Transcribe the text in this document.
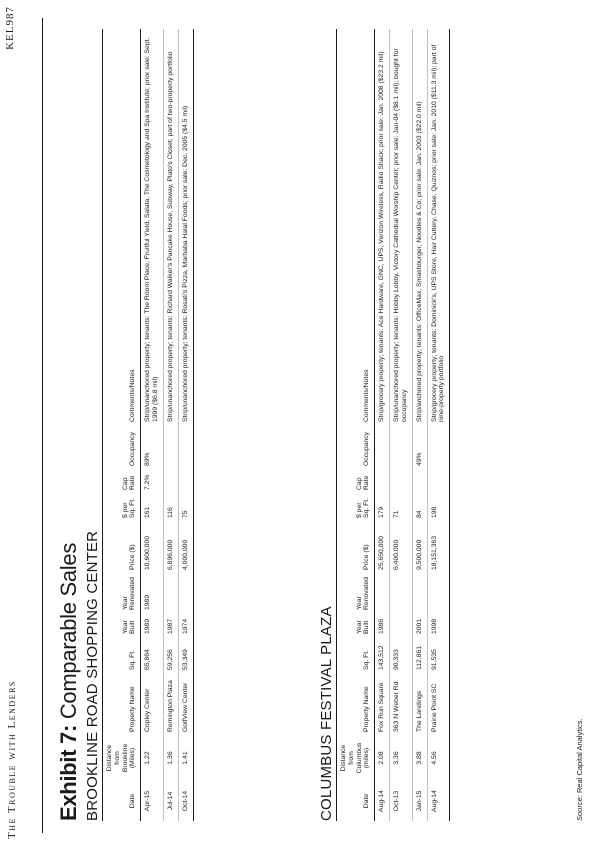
The Trouble with Lenders
KEL987
Exhibit 7: Comparable Sales BROOKLINE ROAD SHOPPING CENTER	Date	Distance from Brookline (Miles)	Property Name	Sq. Ft.	Year Built	Year Renovated	Price ($)	$ per Sq. Ft.	Cap Rate	Occupancy	Comments/Notes
Apr-15	1.22	Copley Center	65,864	1989	1989	10,600,000	161	7.2%	89%	Strip/unanchored property; tenants: The Room Place, Fruitful Yield, Salata, The Cosmetology and Spa Institute; prior sale: Sept. 1999 ($6.8 mil)
Jul-14	1.36	Remington Plaza	59,256	1987		6,896,000	116			Strip/unanchored property; tenants: Richard Walker's Pancake House, Subway, Plato's Closet; part of two-property portfolio
Oct-14	1.41	GolfView Center	53,349	1974		4,000,000	75			Strip/unanchored property; tenants: Rosati's Pizza, Marhaba Halal Foods; prior sale: Dec. 2005 ($4.5 mil)
COLUMBUS FESTIVAL PLAZA	Date	Distance from Columbus (miles)	Property Name	Sq. Ft.	Year Built	Year Renovated	Price ($)	$ per Sq. Ft.	Cap Rate	Occupancy	Comments/Notes
Aug-14	2.08	Fox Run Square	143,512	1986		25,650,000	179			Strip/grocery property; tenants: Ace Hardware, GNC, UPS, Verizon Wireless, Radio Shack; prior sale: Jan. 2008 ($23.2 mil)
Oct-13	3.36	363 N Weber Rd	90,333			6,400,000	71			Strip/unanchored property; tenants: Hobby Lobby, Victory Cathedral Worship Center; prior sale: Jan-04 ($8.1 mil); bought for occupancy
Jan-15	3.88	The Landings	112,861	2001		9,500,000	84		49%	Strip/anchored property; tenants: OfficeMax, Smashburger, Noodles & Co; prior sale: Jan. 2003 ($22.0 mil)
Aug-14	4.56	Prairie Point SC	91,535	1998		18,151,363	198			Strip/grocery property; tenants: Dominick's, UPS Store, Hair Cuttery, Chase, Quiznos; prior sale: Jan. 2010 ($11.3 mil); part of nine-property portfolio
Source: Real Capital Analytics.
